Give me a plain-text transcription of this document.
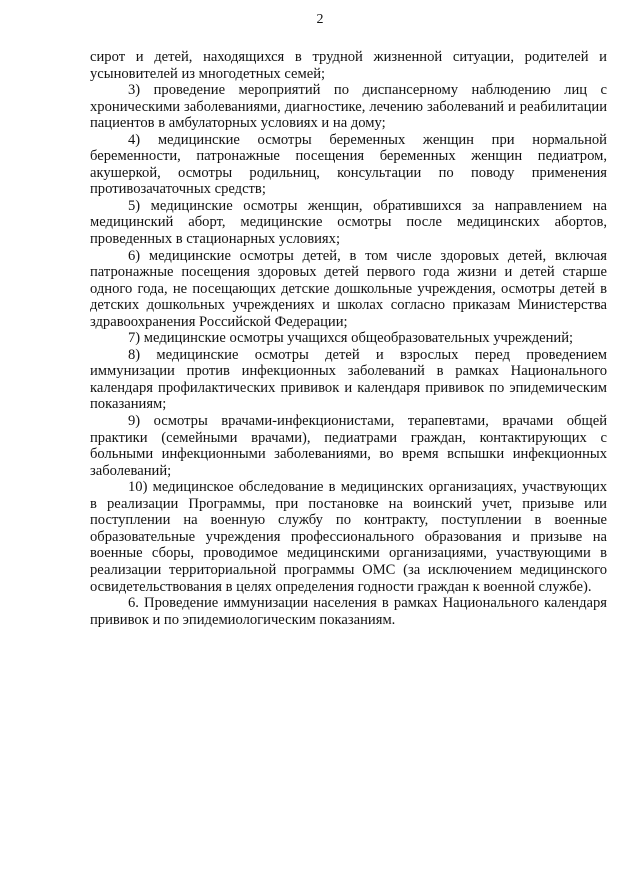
2

сирот и детей, находящихся в трудной жизненной ситуации, родителей и усыновителей из многодетных семей;

3) проведение мероприятий по диспансерному наблюдению лиц с хроническими заболеваниями, диагностике, лечению заболеваний и реабилитации пациентов в амбулаторных условиях и на дому;

4) медицинские осмотры беременных женщин при нормальной беременности, патронажные посещения беременных женщин педиатром, акушеркой, осмотры родильниц, консультации по поводу применения противозачаточных средств;

5) медицинские осмотры женщин, обратившихся за направлением на медицинский аборт, медицинские осмотры после медицинских абортов, проведенных в стационарных условиях;

6) медицинские осмотры детей, в том числе здоровых детей, включая патронажные посещения здоровых детей первого года жизни и детей старше одного года, не посещающих детские дошкольные учреждения, осмотры детей в детских дошкольных учреждениях и школах согласно приказам Министерства здравоохранения Российской Федерации;

7) медицинские осмотры учащихся общеобразовательных учреждений;

8) медицинские осмотры детей и взрослых перед проведением иммунизации против инфекционных заболеваний в рамках Национального календаря профилактических прививок и календаря прививок по эпидемическим показаниям;

9) осмотры врачами-инфекционистами, терапевтами, врачами общей практики (семейными врачами), педиатрами граждан, контактирующих с больными инфекционными заболеваниями, во время вспышки инфекционных заболеваний;

10) медицинское обследование в медицинских организациях, участвующих в реализации Программы, при постановке на воинский учет, призыве или поступлении на военную службу по контракту, поступлении в военные образовательные учреждения профессионального образования и призыве на военные сборы, проводимое медицинскими организациями, участвующими в реализации территориальной программы ОМС (за исключением медицинского освидетельствования в целях определения годности граждан к военной службе).

6. Проведение иммунизации населения в рамках Национального календаря прививок и по эпидемиологическим показаниям.
